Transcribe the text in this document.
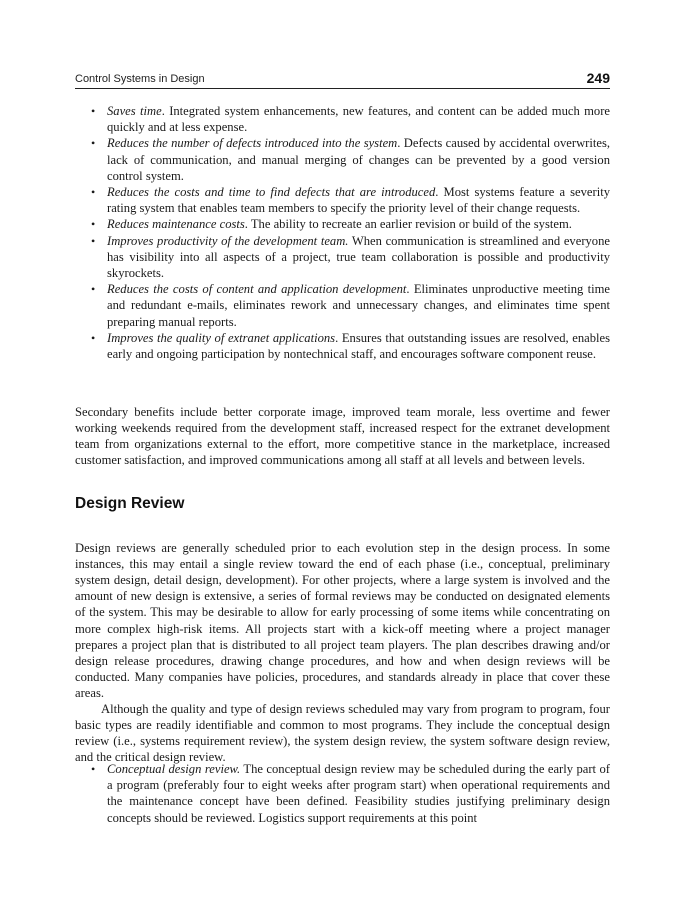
Control Systems in Design	249
• Saves time. Integrated system enhancements, new features, and content can be added much more quickly and at less expense.
• Reduces the number of defects introduced into the system. Defects caused by accidental overwrites, lack of communication, and manual merging of changes can be prevented by a good version control system.
• Reduces the costs and time to find defects that are introduced. Most systems feature a severity rating system that enables team members to specify the priority level of their change requests.
• Reduces maintenance costs. The ability to recreate an earlier revision or build of the system.
• Improves productivity of the development team. When communication is streamlined and everyone has visibility into all aspects of a project, true team collaboration is possible and productivity skyrockets.
• Reduces the costs of content and application development. Eliminates unproductive meeting time and redundant e-mails, eliminates rework and unnecessary changes, and eliminates time spent preparing manual reports.
• Improves the quality of extranet applications. Ensures that outstanding issues are resolved, enables early and ongoing participation by nontechnical staff, and encourages software component reuse.

Secondary benefits include better corporate image, improved team morale, less overtime and fewer working weekends required from the development staff, increased respect for the extranet development team from organizations external to the effort, more competitive stance in the marketplace, increased customer satisfaction, and improved communications among all staff at all levels and between levels.

Design Review

Design reviews are generally scheduled prior to each evolution step in the design process. In some instances, this may entail a single review toward the end of each phase (i.e., conceptual, preliminary system design, detail design, development). For other projects, where a large system is involved and the amount of new design is extensive, a series of formal reviews may be conducted on designated elements of the system. This may be desirable to allow for early processing of some items while concentrating on more complex high-risk items. All projects start with a kick-off meeting where a project manager prepares a project plan that is distributed to all project team players. The plan describes drawing and/or design release procedures, drawing change procedures, and how and when design reviews will be conducted. Many companies have policies, procedures, and standards already in place that cover these areas.

Although the quality and type of design reviews scheduled may vary from program to program, four basic types are readily identifiable and common to most programs. They include the conceptual design review (i.e., systems requirement review), the system design review, the system software design review, and the critical design review.

• Conceptual design review. The conceptual design review may be scheduled during the early part of a program (preferably four to eight weeks after program start) when operational requirements and the maintenance concept have been defined. Feasibility studies justifying preliminary design concepts should be reviewed. Logistics support requirements at this point
